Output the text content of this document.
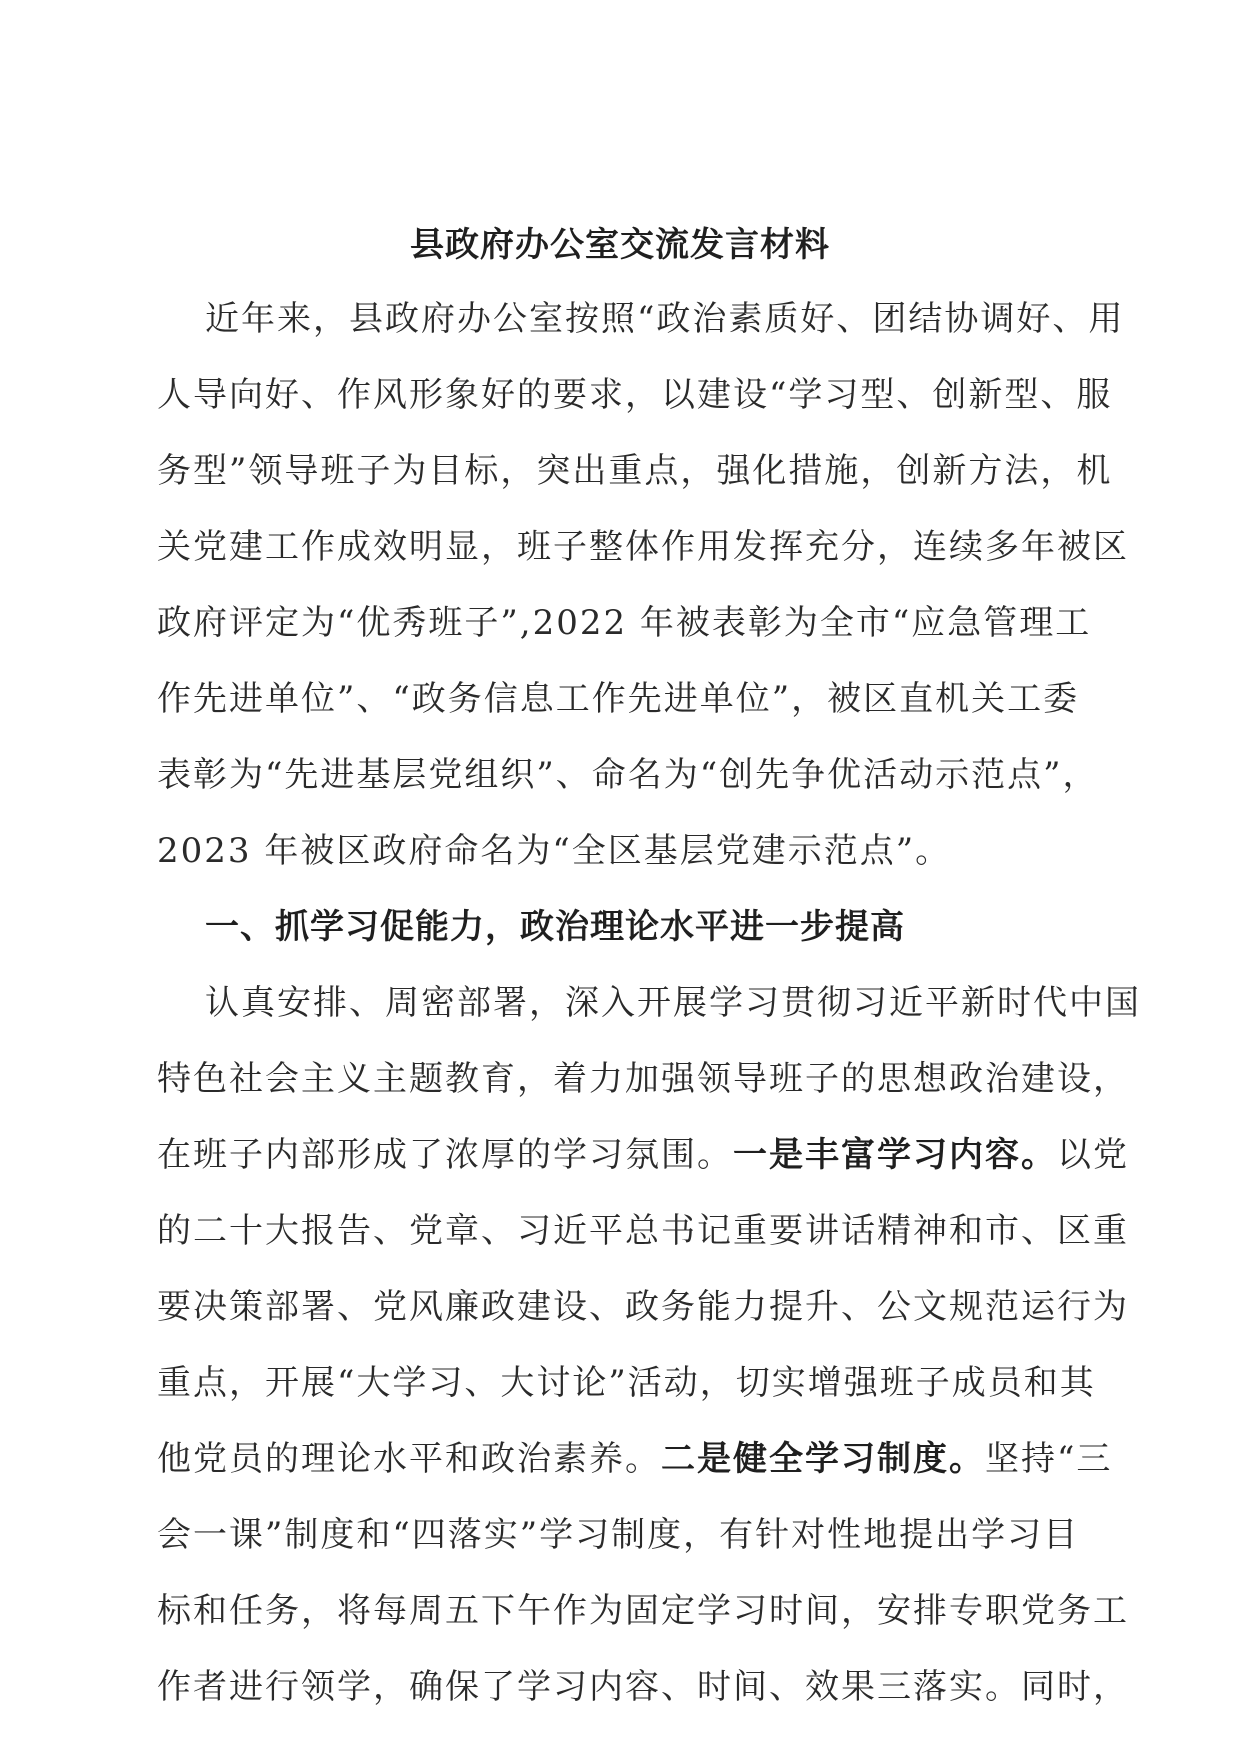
县政府办公室交流发言材料
近年来，县政府办公室按照“政治素质好、团结协调好、用
人导向好、作风形象好的要求，以建设“学习型、创新型、服
务型”领导班子为目标，突出重点，强化措施，创新方法，机
关党建工作成效明显，班子整体作用发挥充分，连续多年被区
政府评定为“优秀班子”,2022 年被表彰为全市“应急管理工
作先进单位”、“政务信息工作先进单位”，被区直机关工委
表彰为“先进基层党组织”、命名为“创先争优活动示范点”，
2023 年被区政府命名为“全区基层党建示范点”。
一、抓学习促能力，政治理论水平进一步提高
认真安排、周密部署，深入开展学习贯彻习近平新时代中国
特色社会主义主题教育，着力加强领导班子的思想政治建设，
在班子内部形成了浓厚的学习氛围。一是丰富学习内容。以党
的二十大报告、党章、习近平总书记重要讲话精神和市、区重
要决策部署、党风廉政建设、政务能力提升、公文规范运行为
重点，开展“大学习、大讨论”活动，切实增强班子成员和其
他党员的理论水平和政治素养。二是健全学习制度。坚持“三
会一课”制度和“四落实”学习制度，有针对性地提出学习目
标和任务，将每周五下午作为固定学习时间，安排专职党务工
作者进行领学，确保了学习内容、时间、效果三落实。同时，
